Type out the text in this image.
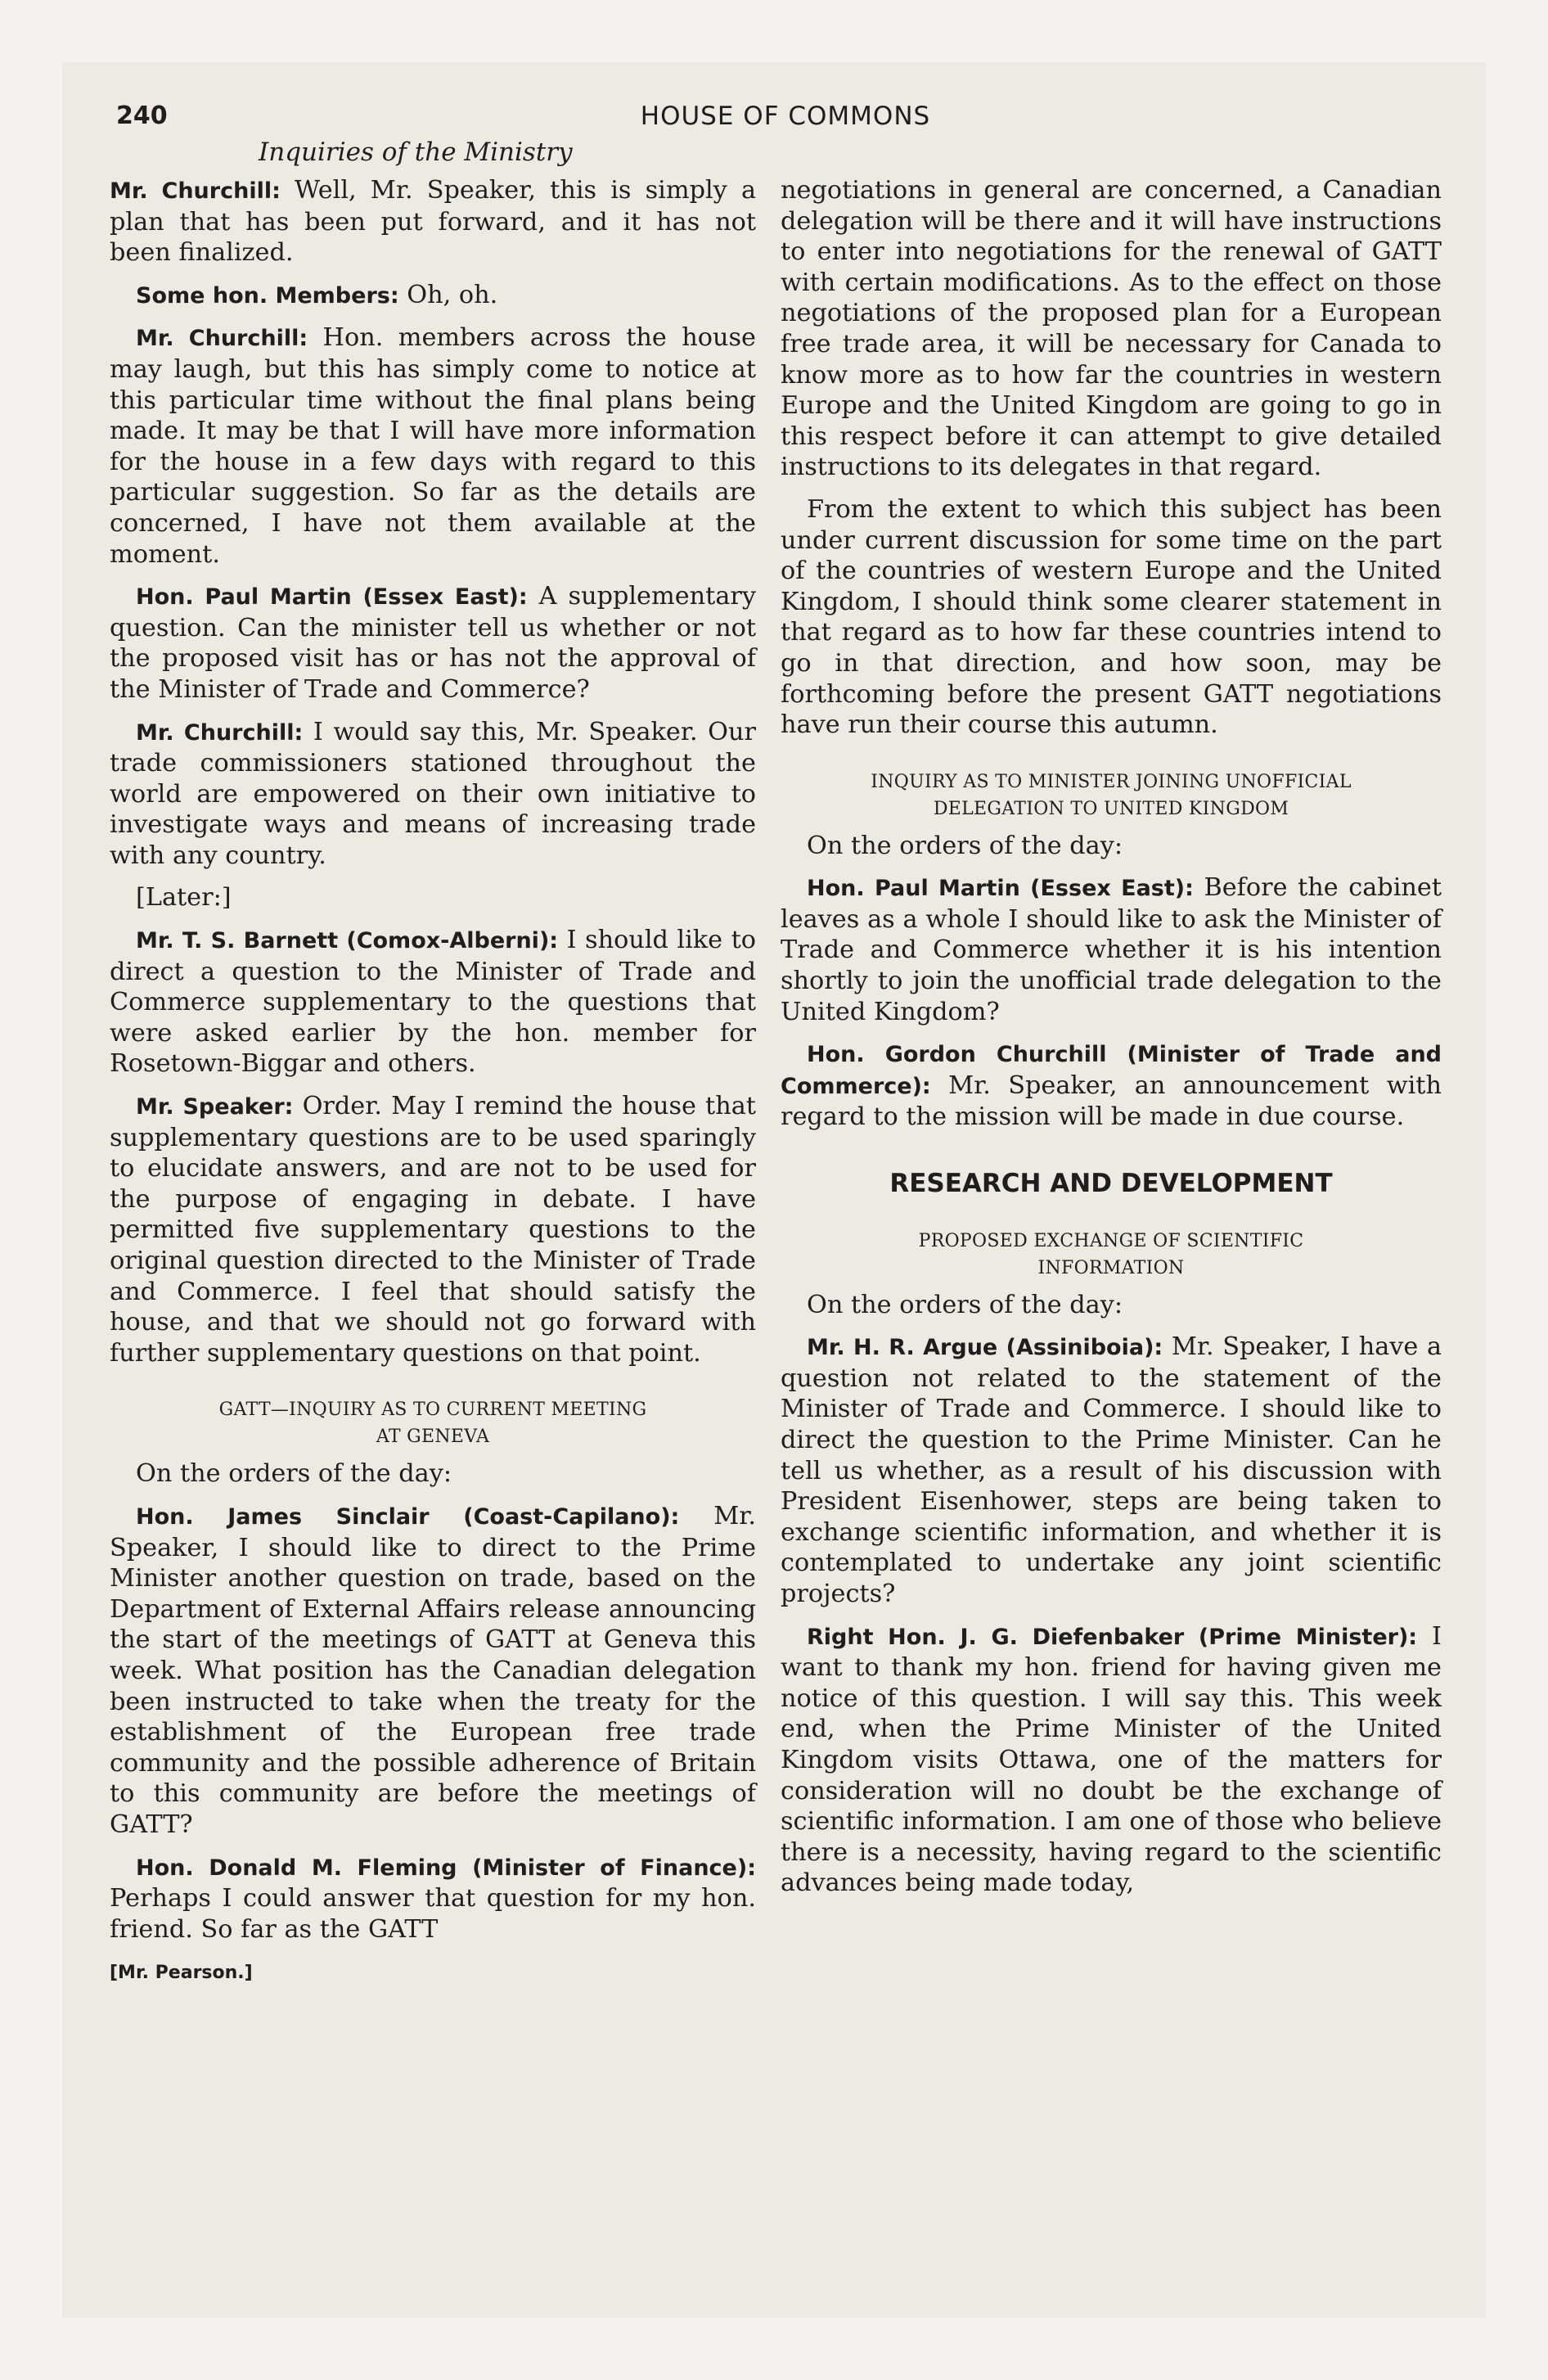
240	HOUSE OF COMMONS
Inquiries of the Ministry

Mr. Churchill: Well, Mr. Speaker, this is simply a plan that has been put forward, and it has not been finalized.

Some hon. Members: Oh, oh.

Mr. Churchill: Hon. members across the house may laugh, but this has simply come to notice at this particular time without the final plans being made. It may be that I will have more information for the house in a few days with regard to this particular suggestion. So far as the details are concerned, I have not them available at the moment.

Hon. Paul Martin (Essex East): A supplementary question. Can the minister tell us whether or not the proposed visit has or has not the approval of the Minister of Trade and Commerce?

Mr. Churchill: I would say this, Mr. Speaker. Our trade commissioners stationed throughout the world are empowered on their own initiative to investigate ways and means of increasing trade with any country.

[Later:]

Mr. T. S. Barnett (Comox-Alberni): I should like to direct a question to the Minister of Trade and Commerce supplementary to the questions that were asked earlier by the hon. member for Rosetown-Biggar and others.

Mr. Speaker: Order. May I remind the house that supplementary questions are to be used sparingly to elucidate answers, and are not to be used for the purpose of engaging in debate. I have permitted five supplementary questions to the original question directed to the Minister of Trade and Commerce. I feel that should satisfy the house, and that we should not go forward with further supplementary questions on that point.

GATT—INQUIRY AS TO CURRENT MEETING
AT GENEVA

On the orders of the day:

Hon. James Sinclair (Coast-Capilano): Mr. Speaker, I should like to direct to the Prime Minister another question on trade, based on the Department of External Affairs release announcing the start of the meetings of GATT at Geneva this week. What position has the Canadian delegation been instructed to take when the treaty for the establishment of the European free trade community and the possible adherence of Britain to this community are before the meetings of GATT?

Hon. Donald M. Fleming (Minister of Finance): Perhaps I could answer that question for my hon. friend. So far as the GATT

[Mr. Pearson.]

negotiations in general are concerned, a Canadian delegation will be there and it will have instructions to enter into negotiations for the renewal of GATT with certain modifications. As to the effect on those negotiations of the proposed plan for a European free trade area, it will be necessary for Canada to know more as to how far the countries in western Europe and the United Kingdom are going to go in this respect before it can attempt to give detailed instructions to its delegates in that regard.

From the extent to which this subject has been under current discussion for some time on the part of the countries of western Europe and the United Kingdom, I should think some clearer statement in that regard as to how far these countries intend to go in that direction, and how soon, may be forthcoming before the present GATT negotiations have run their course this autumn.

INQUIRY AS TO MINISTER JOINING UNOFFICIAL
DELEGATION TO UNITED KINGDOM

On the orders of the day:

Hon. Paul Martin (Essex East): Before the cabinet leaves as a whole I should like to ask the Minister of Trade and Commerce whether it is his intention shortly to join the unofficial trade delegation to the United Kingdom?

Hon. Gordon Churchill (Minister of Trade and Commerce): Mr. Speaker, an announcement with regard to the mission will be made in due course.

RESEARCH AND DEVELOPMENT

PROPOSED EXCHANGE OF SCIENTIFIC
INFORMATION

On the orders of the day:

Mr. H. R. Argue (Assiniboia): Mr. Speaker, I have a question not related to the statement of the Minister of Trade and Commerce. I should like to direct the question to the Prime Minister. Can he tell us whether, as a result of his discussion with President Eisenhower, steps are being taken to exchange scientific information, and whether it is contemplated to undertake any joint scientific projects?

Right Hon. J. G. Diefenbaker (Prime Minister): I want to thank my hon. friend for having given me notice of this question. I will say this. This week end, when the Prime Minister of the United Kingdom visits Ottawa, one of the matters for consideration will no doubt be the exchange of scientific information. I am one of those who believe there is a necessity, having regard to the scientific advances being made today,
